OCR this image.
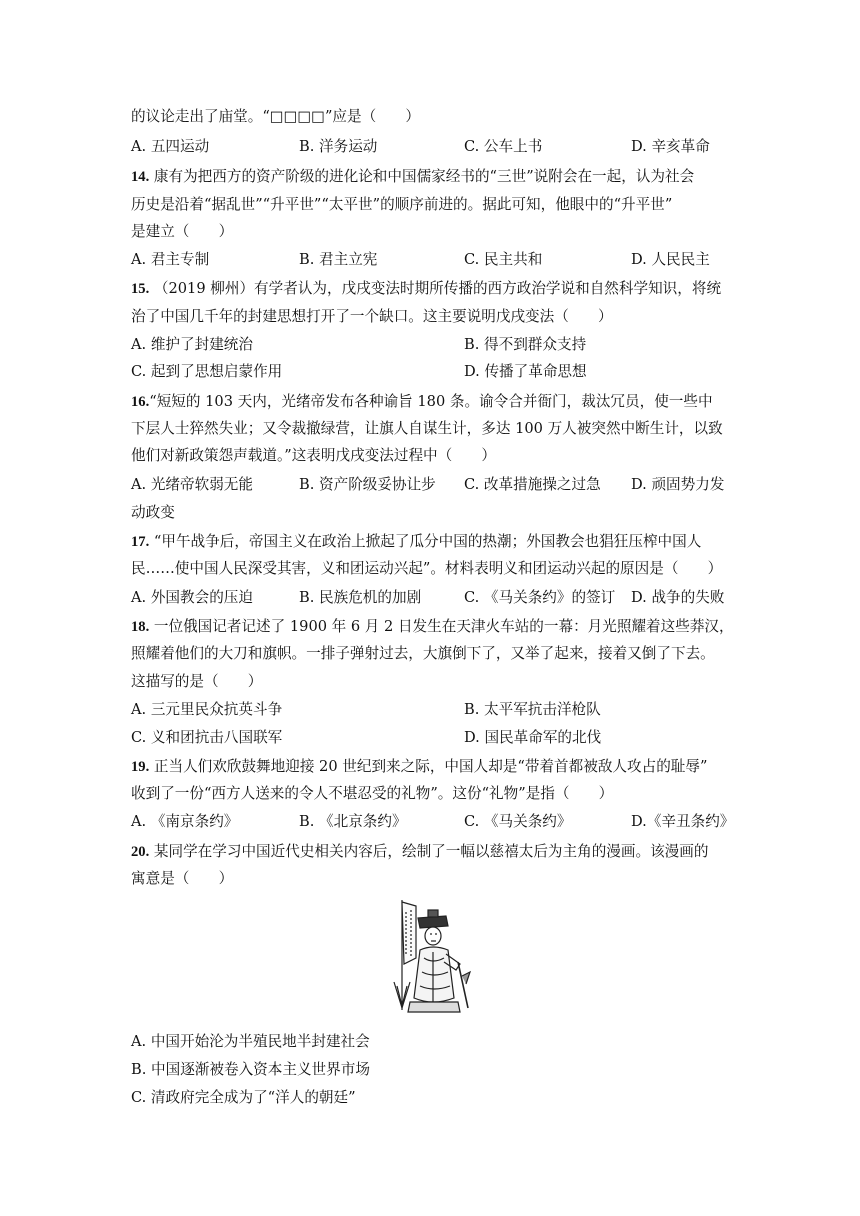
的议论走出了庙堂。“□□□□”应是（　　）
A. 五四运动	B. 洋务运动	C. 公车上书	D. 辛亥革命
14. 康有为把西方的资产阶级的进化论和中国儒家经书的“三世”说附会在一起，认为社会
历史是沿着“据乱世”“升平世”“太平世”的顺序前进的。据此可知，他眼中的“升平世”
是建立（　　）
A. 君主专制	B. 君主立宪	C. 民主共和	D. 人民民主
15. （2019 柳州）有学者认为，戊戌变法时期所传播的西方政治学说和自然科学知识，将统
治了中国几千年的封建思想打开了一个缺口。这主要说明戊戌变法（　　）
A. 维护了封建统治	B. 得不到群众支持
C. 起到了思想启蒙作用	D. 传播了革命思想
16.“短短的 103 天内，光绪帝发布各种谕旨 180 条。谕令合并衙门，裁汰冗员，使一些中
下层人士猝然失业；又令裁撤绿营，让旗人自谋生计，多达 100 万人被突然中断生计，以致
他们对新政策怨声载道。”这表明戊戌变法过程中（　　）
A. 光绪帝软弱无能	B. 资产阶级妥协让步 C. 改革措施操之过急 D. 顽固势力发
动政变
17. “甲午战争后，帝国主义在政治上掀起了瓜分中国的热潮；外国教会也猖狂压榨中国人
民……使中国人民深受其害，义和团运动兴起”。材料表明义和团运动兴起的原因是（　　）
A. 外国教会的压迫	B. 民族危机的加剧	C. 《马关条约》的签订 D. 战争的失败
18. 一位俄国记者记述了 1900 年 6 月 2 日发生在天津火车站的一幕：月光照耀着这些莽汉，
照耀着他们的大刀和旗帜。一排子弹射过去，大旗倒下了，又举了起来，接着又倒了下去。
这描写的是（　　）
A. 三元里民众抗英斗争	B. 太平军抗击洋枪队
C. 义和团抗击八国联军	D. 国民革命军的北伐
19. 正当人们欢欣鼓舞地迎接 20 世纪到来之际，中国人却是“带着首都被敌人攻占的耻辱”
收到了一份“西方人送来的令人不堪忍受的礼物”。这份“礼物”是指（　　）
A. 《南京条约》	B. 《北京条约》	C. 《马关条约》	D.《辛丑条约》
20. 某同学在学习中国近代史相关内容后，绘制了一幅以慈禧太后为主角的漫画。该漫画的
寓意是（　　）
A. 中国开始沦为半殖民地半封建社会
B. 中国逐渐被卷入资本主义世界市场
C. 清政府完全成为了“洋人的朝廷”
